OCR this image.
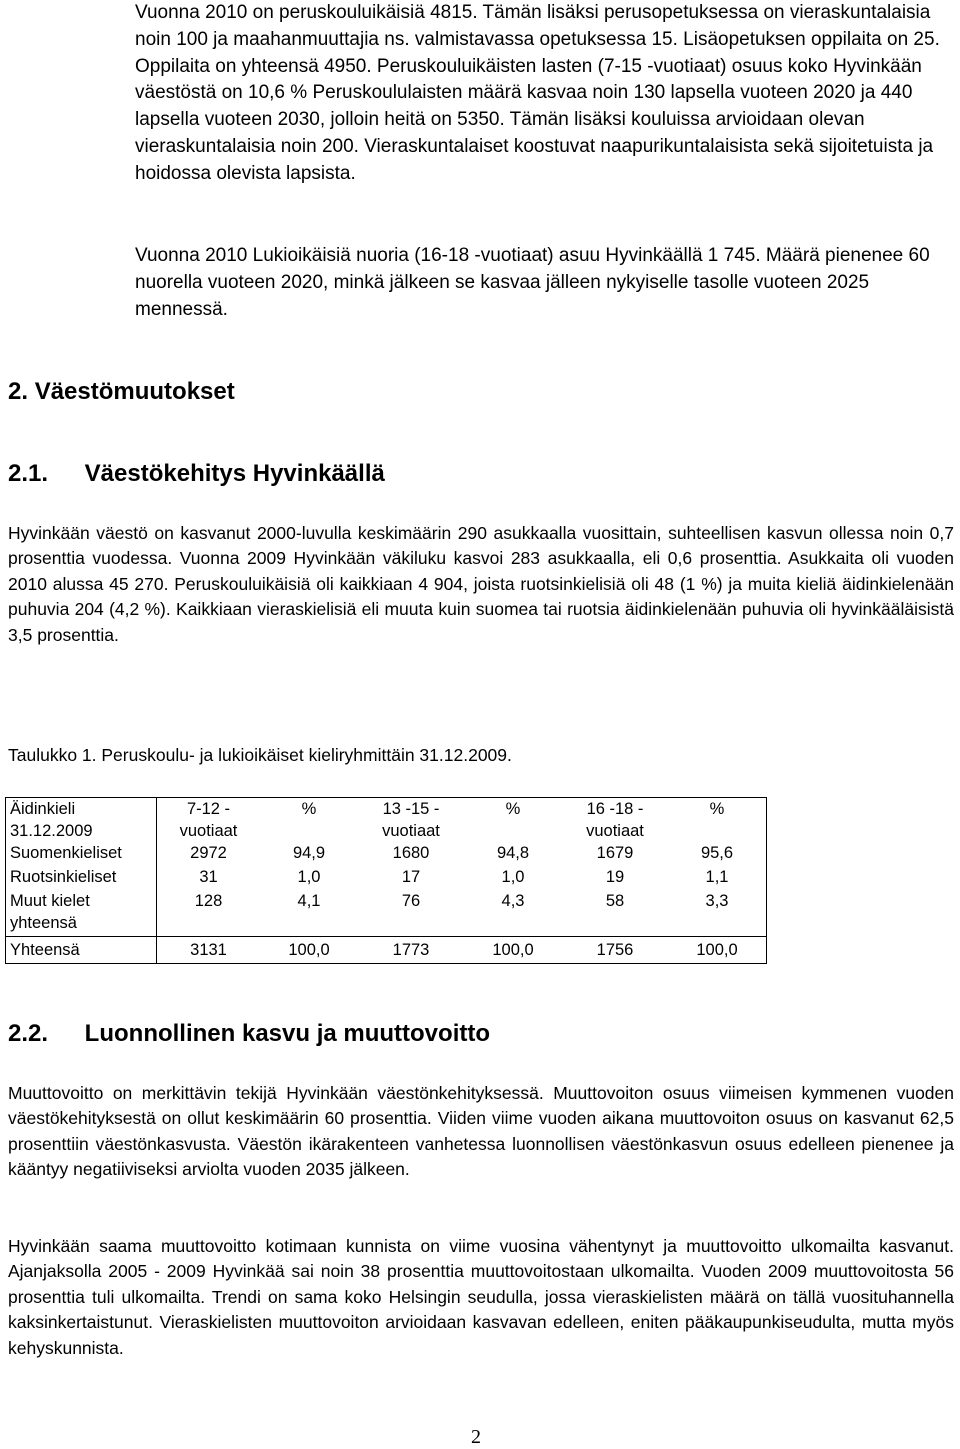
Vuonna 2010 on peruskouluikäisiä 4815. Tämän lisäksi perusopetuksessa on vieraskuntalaisia noin 100 ja maahanmuuttajia ns. valmistavassa opetuksessa 15. Lisäopetuksen oppilaita on 25. Oppilaita on yhteensä 4950. Peruskouluikäisten lasten (7-15 -vuotiaat) osuus koko Hyvinkään väestöstä on 10,6 % Peruskoululaisten määrä kasvaa noin 130 lapsella vuoteen 2020 ja 440 lapsella vuoteen 2030, jolloin heitä on 5350. Tämän lisäksi kouluissa arvioidaan olevan vieraskuntalaisia noin 200. Vieraskuntalaiset koostuvat naapurikuntalaisista sekä sijoitetuista ja hoidossa olevista lapsista.
Vuonna 2010 Lukioikäisiä nuoria (16-18 -vuotiaat) asuu Hyvinkäällä 1 745. Määrä pienenee 60 nuorella vuoteen 2020, minkä jälkeen se kasvaa jälleen nykyiselle tasolle vuoteen 2025 mennessä.
2. Väestömuutokset
2.1. Väestökehitys Hyvinkäällä
Hyvinkään väestö on kasvanut 2000-luvulla keskimäärin 290 asukkaalla vuosittain, suhteellisen kasvun ollessa noin 0,7 prosenttia vuodessa. Vuonna 2009 Hyvinkään väkiluku kasvoi 283 asukkaalla, eli 0,6 prosenttia. Asukkaita oli vuoden 2010 alussa 45 270. Peruskouluikäisiä oli kaikkiaan 4 904, joista ruotsinkielisiä oli 48 (1 %) ja muita kieliä äidinkielenään puhuvia 204 (4,2 %). Kaikkiaan vieraskielisiä eli muuta kuin suomea tai ruotsia äidinkielenään puhuvia oli hyvinkääläisistä 3,5 prosenttia.
Taulukko 1. Peruskoulu- ja lukioikäiset kieliryhmittäin 31.12.2009.
Äidinkieli 31.12.2009	7-12 - vuotiaat	%	13 -15 - vuotiaat	%	16 -18 - vuotiaat	%
Suomenkieliset	2972	94,9	1680	94,8	1679	95,6
Ruotsinkieliset	31	1,0	17	1,0	19	1,1
Muut kielet yhteensä	128	4,1	76	4,3	58	3,3
Yhteensä	3131	100,0	1773	100,0	1756	100,0
2.2. Luonnollinen kasvu ja muuttovoitto
Muuttovoitto on merkittävin tekijä Hyvinkään väestönkehityksessä. Muuttovoiton osuus viimeisen kymmenen vuoden väestökehityksestä on ollut keskimäärin 60 prosenttia. Viiden viime vuoden aikana muuttovoiton osuus on kasvanut 62,5 prosenttiin väestönkasvusta. Väestön ikärakenteen vanhetessa luonnollisen väestönkasvun osuus edelleen pienenee ja kääntyy negatiiviseksi arviolta vuoden 2035 jälkeen.
Hyvinkään saama muuttovoitto kotimaan kunnista on viime vuosina vähentynyt ja muuttovoitto ulkomailta kasvanut. Ajanjaksolla 2005 - 2009 Hyvinkää sai noin 38 prosenttia muuttovoitostaan ulkomailta. Vuoden 2009 muuttovoitosta 56 prosenttia tuli ulkomailta. Trendi on sama koko Helsingin seudulla, jossa vieraskielisten määrä on tällä vuosituhannella kaksinkertaistunut. Vieraskielisten muuttovoiton arvioidaan kasvavan edelleen, eniten pääkaupunkiseudulta, mutta myös kehyskunnista.
2
